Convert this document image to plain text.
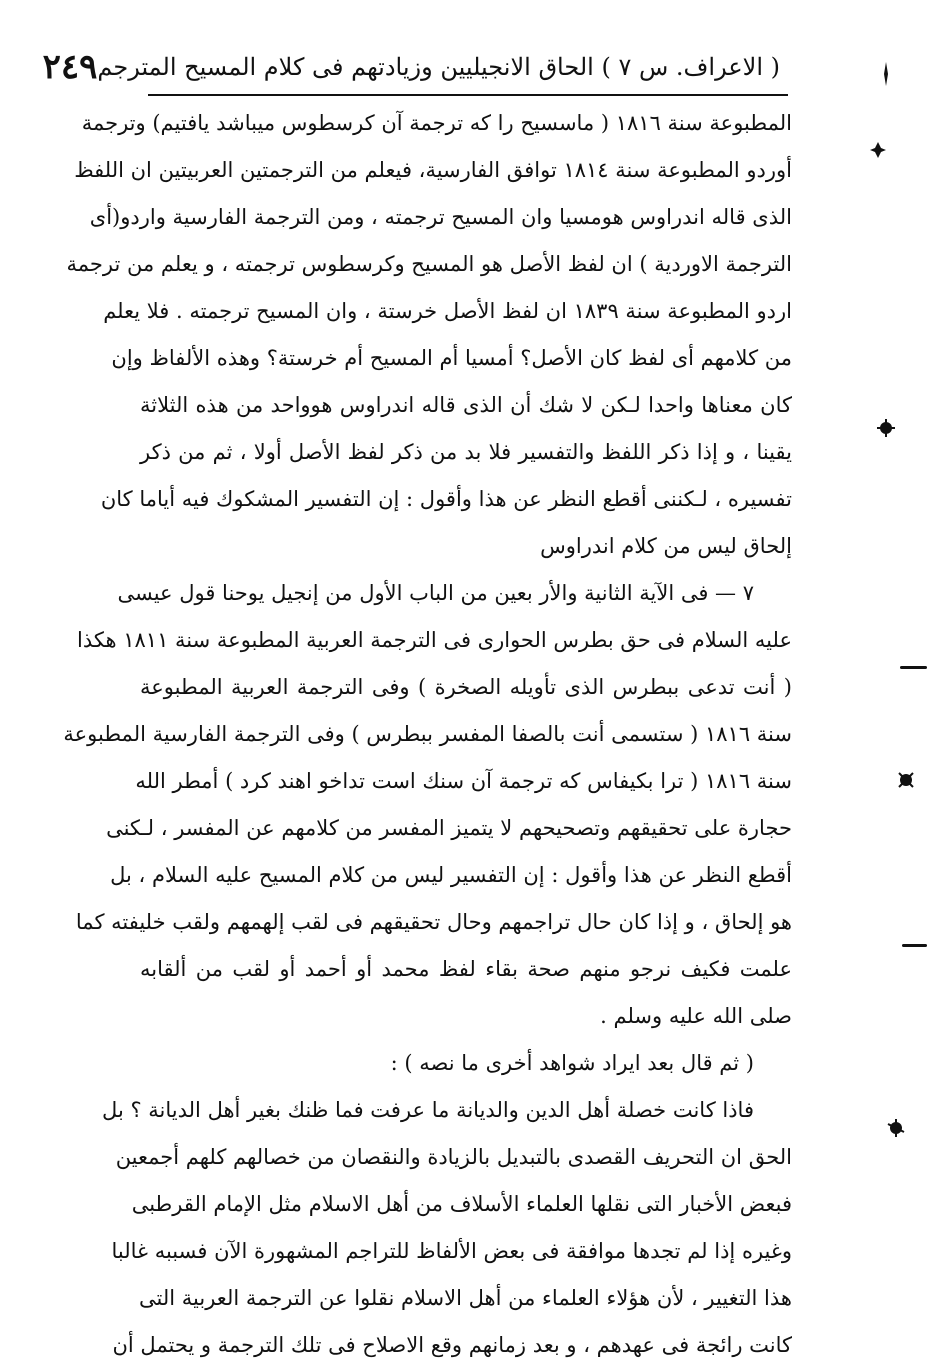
( الاعراف. س ٧ ) الحاق الانجيليين وزيادتهم فى كلام المسيح المترجم
٢٤٩
المطبوعة سنة ١٨١٦ ( ماسسيح را كه ترجمة آن كرسطوس ميباشد يافتيم) وترجمة
أوردو المطبوعة سنة ١٨١٤ توافق الفارسية، فيعلم من الترجمتين العربيتين ان اللفظ
الذى قاله اندراوس هومسيا وان المسيح ترجمته ، ومن الترجمة الفارسية واردو(أى
الترجمة الاوردية ) ان لفظ الأصل هو المسيح وكرسطوس ترجمته ، و يعلم من ترجمة
اردو المطبوعة سنة ١٨٣٩ ان لفظ الأصل خرستة ، وان المسيح ترجمته . فلا يعلم
من كلامهم أى لفظ كان الأصل؟ أمسيا أم المسيح أم خرستة؟ وهذه الألفاظ وإن
كان معناها واحدا لـكن لا شك أن الذى قاله اندراوس هوواحد من هذه الثلاثة
يقينا ، و إذا ذكر اللفظ والتفسير فلا بد من ذكر لفظ الأصل أولا ، ثم من ذكر
تفسيره ، لـكننى أقطع النظر عن هذا وأقول : إن التفسير المشكوك فيه أياما كان
إلحاق ليس من كلام اندراوس
٧ — فى الآية الثانية والأر بعين من الباب الأول من إنجيل يوحنا قول عيسى
عليه السلام فى حق بطرس الحوارى فى الترجمة العربية المطبوعة سنة ١٨١١ هكذا
( أنت تدعى ببطرس الذى تأويله الصخرة ) وفى الترجمة العربية المطبوعة
سنة ١٨١٦ ( ستسمى أنت بالصفا المفسر ببطرس ) وفى الترجمة الفارسية المطبوعة
سنة ١٨١٦ ( ترا بكيفاس كه ترجمة آن سنك است تداخو اهند كرد ) أمطر الله
حجارة على تحقيقهم وتصحيحهم لا يتميز المفسر من كلامهم عن المفسر ، لـكنى
أقطع النظر عن هذا وأقول : إن التفسير ليس من كلام المسيح عليه السلام ، بل
هو إلحاق ، و إذا كان حال تراجمهم وحال تحقيقهم فى لقب إلهمهم ولقب خليفته كما
علمت فكيف نرجو منهم صحة بقاء لفظ محمد أو أحمد أو لقب من ألقابه
صلى الله عليه وسلم .
( ثم قال بعد ايراد شواهد أخرى ما نصه ) :
فاذا كانت خصلة أهل الدين والديانة ما عرفت فما ظنك بغير أهل الديانة ؟ بل
الحق ان التحريف القصدى بالتبديل بالزيادة والنقصان من خصالهم كلهم أجمعين
فبعض الأخبار التى نقلها العلماء الأسلاف من أهل الاسلام مثل الإمام القرطبى
وغيره إذا لم تجدها موافقة فى بعض الألفاظ للتراجم المشهورة الآن فسببه غالبا
هذا التغيير ، لأن هؤلاء العلماء من أهل الاسلام نقلوا عن الترجمة العربية التى
كانت رائجة فى عهدهم ، و بعد زمانهم وقع الاصلاح فى تلك الترجمة و يحتمل أن
